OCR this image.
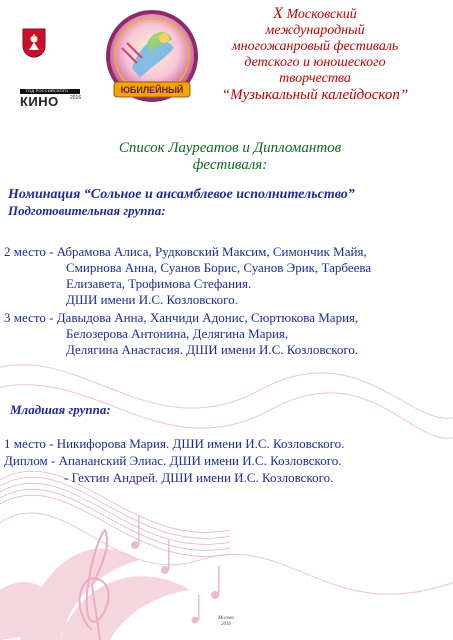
ГОД РОССИЙСКОГО
КИНО 2016
ЮБИЛЕЙНЫЙ
X Московский
международный
многожанровый фестиваль
детского и юношеского
творчества
“Музыкальный калейдоскоп”
Список Лауреатов и Дипломантов
фестиваля:
Номинация “Сольное и ансамблевое исполнительство”
Подготовительная группа:
2 место - Абрамова Алиса, Рудковский Максим, Симончик Майя,
Смирнова Анна, Суанов Борис, Суанов Эрик, Тарбеева
Елизавета, Трофимова Стефания.
ДШИ имени И.С. Козловского.
3 место - Давыдова Анна, Ханчиди Адонис, Сюртюкова Мария,
Белозерова Антонина, Делягина Мария,
Делягина Анастасия. ДШИ имени И.С. Козловского.
Младшая группа:
1 место - Никифорова Мария. ДШИ имени И.С. Козловского.
Диплом - Апананский Элиас. ДШИ имени И.С. Козловского.
- Гехтин Андрей. ДШИ имени И.С. Козловского.
Москва
2016
